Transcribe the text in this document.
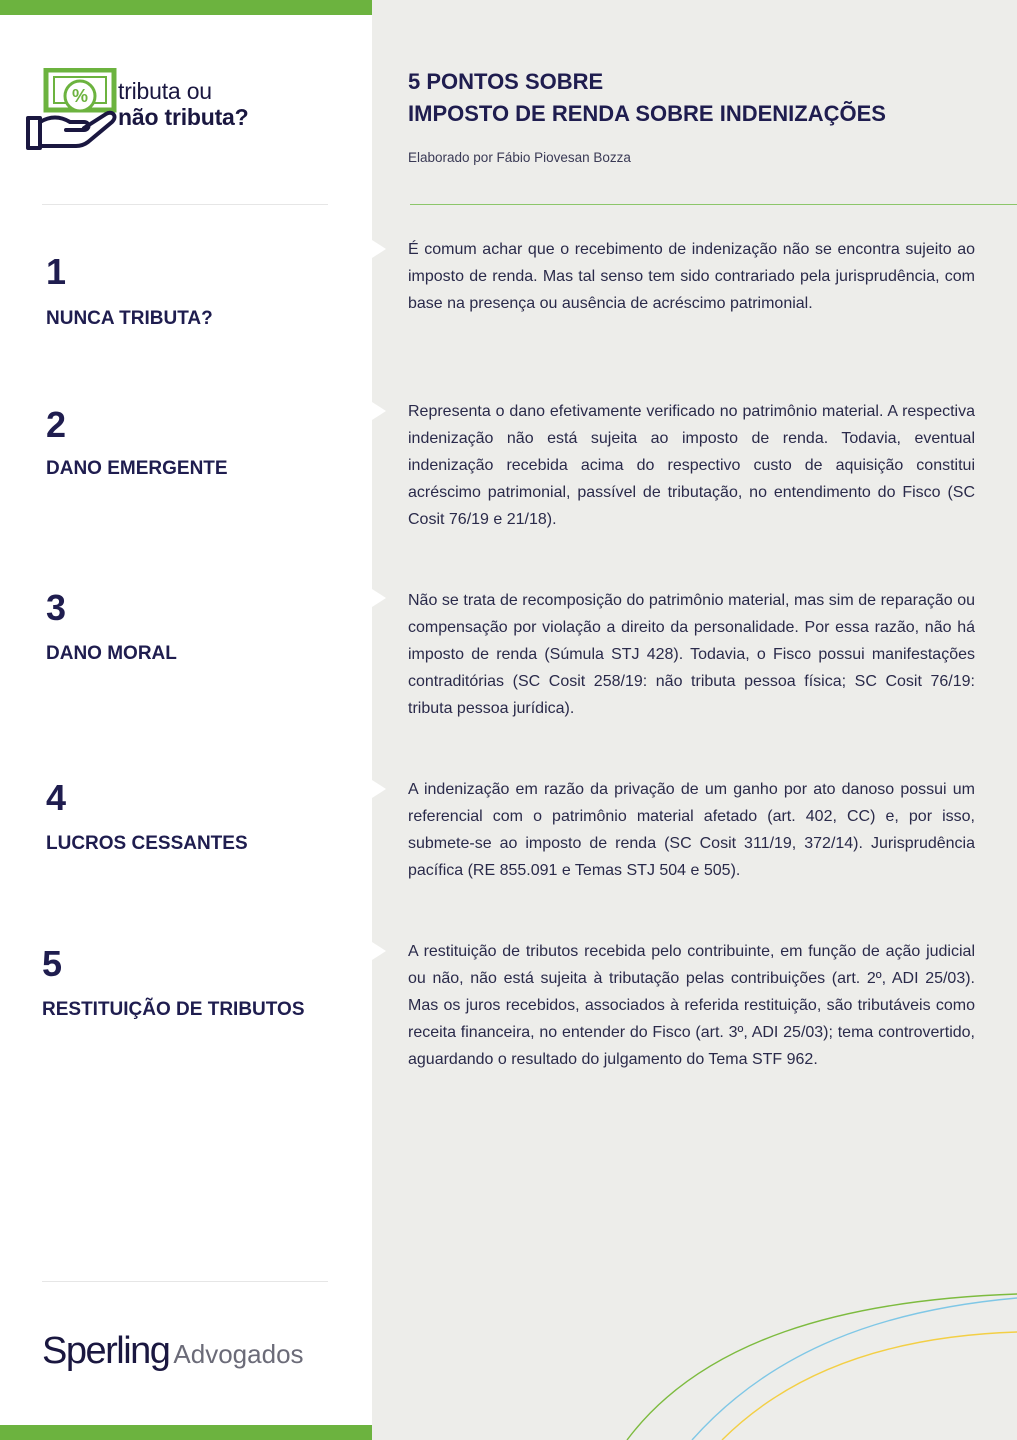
% tributa ou
não tributa?
5 PONTOS SOBRE
IMPOSTO DE RENDA SOBRE INDENIZAÇÕES
Elaborado por Fábio Piovesan Bozza
1
NUNCA TRIBUTA?

É comum achar que o recebimento de indenização não se encontra sujeito ao imposto de renda. Mas tal senso tem sido contrariado pela jurisprudência, com base na presença ou ausência de acréscimo patrimonial.

2
DANO EMERGENTE

Representa o dano efetivamente verificado no patrimônio material. A respectiva indenização não está sujeita ao imposto de renda. Todavia, eventual indenização recebida acima do respectivo custo de aquisição constitui acréscimo patrimonial, passível de tributação, no entendimento do Fisco (SC Cosit 76/19 e 21/18).

3
DANO MORAL

Não se trata de recomposição do patrimônio material, mas sim de reparação ou compensação por violação a direito da personalidade. Por essa razão, não há imposto de renda (Súmula STJ 428). Todavia, o Fisco possui manifestações contraditórias (SC Cosit 258/19: não tributa pessoa física; SC Cosit 76/19: tributa pessoa jurídica).

4
LUCROS CESSANTES

A indenização em razão da privação de um ganho por ato danoso possui um referencial com o patrimônio material afetado (art. 402, CC) e, por isso, submete-se ao imposto de renda (SC Cosit 311/19, 372/14). Jurisprudência pacífica (RE 855.091 e Temas STJ 504 e 505).

5
RESTITUIÇÃO DE TRIBUTOS

A restituição de tributos recebida pelo contribuinte, em função de ação judicial ou não, não está sujeita à tributação pelas contribuições (art. 2º, ADI 25/03). Mas os juros recebidos, associados à referida restituição, são tributáveis como receita financeira, no entender do Fisco (art. 3º, ADI 25/03); tema controvertido, aguardando o resultado do julgamento do Tema STF 962.

Sperling Advogados
